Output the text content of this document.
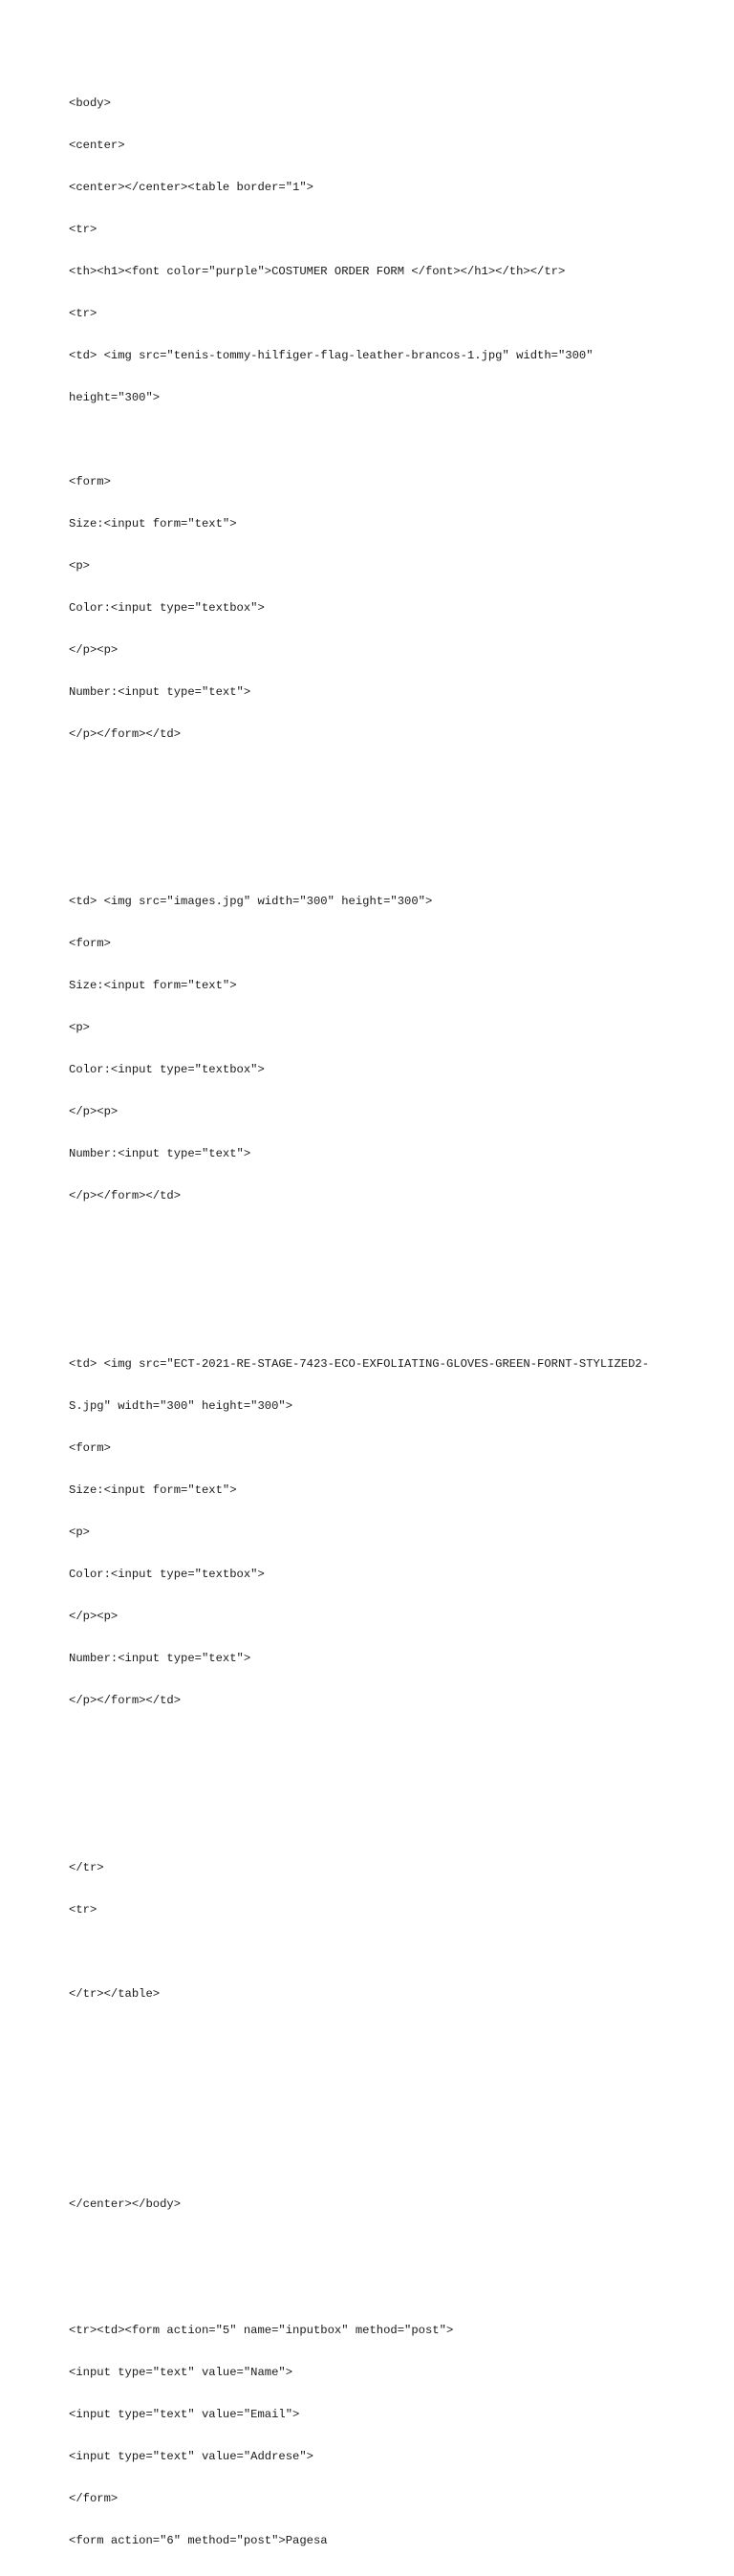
<body>

<center>

<center></center><table border="1">

<tr>

<th><h1><font color="purple">COSTUMER ORDER FORM </font></h1></th></tr>

<tr>

<td> <img src="tenis-tommy-hilfiger-flag-leather-brancos-1.jpg" width="300"

height="300">

<form>

Size:<input form="text">

<p>

Color:<input type="textbox">

</p><p>

Number:<input type="text">

</p></form></td>

<td> <img src="images.jpg" width="300" height="300">

<form>

Size:<input form="text">

<p>

Color:<input type="textbox">

</p><p>

Number:<input type="text">

</p></form></td>

<td> <img src="ECT-2021-RE-STAGE-7423-ECO-EXFOLIATING-GLOVES-GREEN-FORNT-STYLIZED2-

S.jpg" width="300" height="300">

<form>

Size:<input form="text">

<p>

Color:<input type="textbox">

</p><p>

Number:<input type="text">

</p></form></td>

</tr>

<tr>

</tr></table>

</center></body>

<tr><td><form action="5" name="inputbox" method="post">

<input type="text" value="Name">

<input type="text" value="Email">

<input type="text" value="Addrese">

</form>

<form action="6" method="post">Pagesa
